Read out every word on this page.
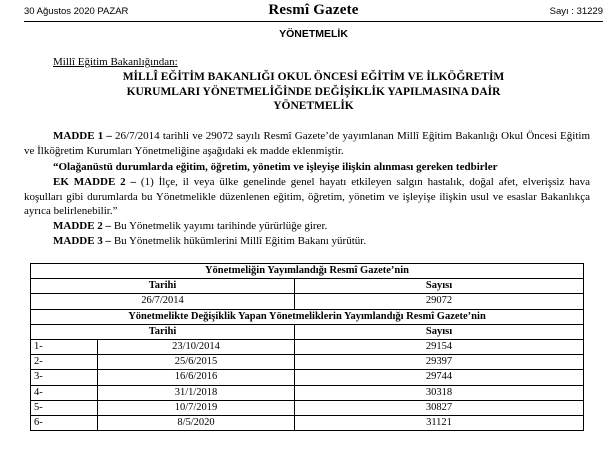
30 Ağustos 2020 PAZAR	Resmî Gazete	Sayı : 31229
YÖNETMELİK
Millî Eğitim Bakanlığından:
MİLLÎ EĞİTİM BAKANLIĞI OKUL ÖNCESİ EĞİTİM VE İLKÖĞRETİM
KURUMLARI YÖNETMELİĞİNDE DEĞİŞİKLİK YAPILMASINA DAİR
YÖNETMELİK
MADDE 1 – 26/7/2014 tarihli ve 29072 sayılı Resmî Gazete’de yayımlanan Millî Eğitim Bakanlığı Okul Öncesi Eğitim ve İlköğretim Kurumları Yönetmeliğine aşağıdaki ek madde eklenmiştir.
“Olağanüstü durumlarda eğitim, öğretim, yönetim ve işleyişe ilişkin alınması gereken tedbirler
EK MADDE 2 – (1) İlçe, il veya ülke genelinde genel hayatı etkileyen salgın hastalık, doğal afet, elverişsiz hava koşulları gibi durumlarda bu Yönetmelikle düzenlenen eğitim, öğretim, yönetim ve işleyişe ilişkin usul ve esaslar Bakanlıkça ayrıca belirlenebilir.”
MADDE 2 – Bu Yönetmelik yayımı tarihinde yürürlüğe girer.
MADDE 3 – Bu Yönetmelik hükümlerini Millî Eğitim Bakanı yürütür.
Yönetmeliğin Yayımlandığı Resmî Gazete’nin		
Tarihi		Sayısı
26/7/2014		29072
Yönetmelikte Değişiklik Yapan Yönetmeliklerin Yayımlandığı Resmî Gazete’nin		
Tarihi		Sayısı
1-	23/10/2014	29154
2-	25/6/2015	29397
3-	16/6/2016	29744
4-	31/1/2018	30318
5-	10/7/2019	30827
6-	8/5/2020	31121
